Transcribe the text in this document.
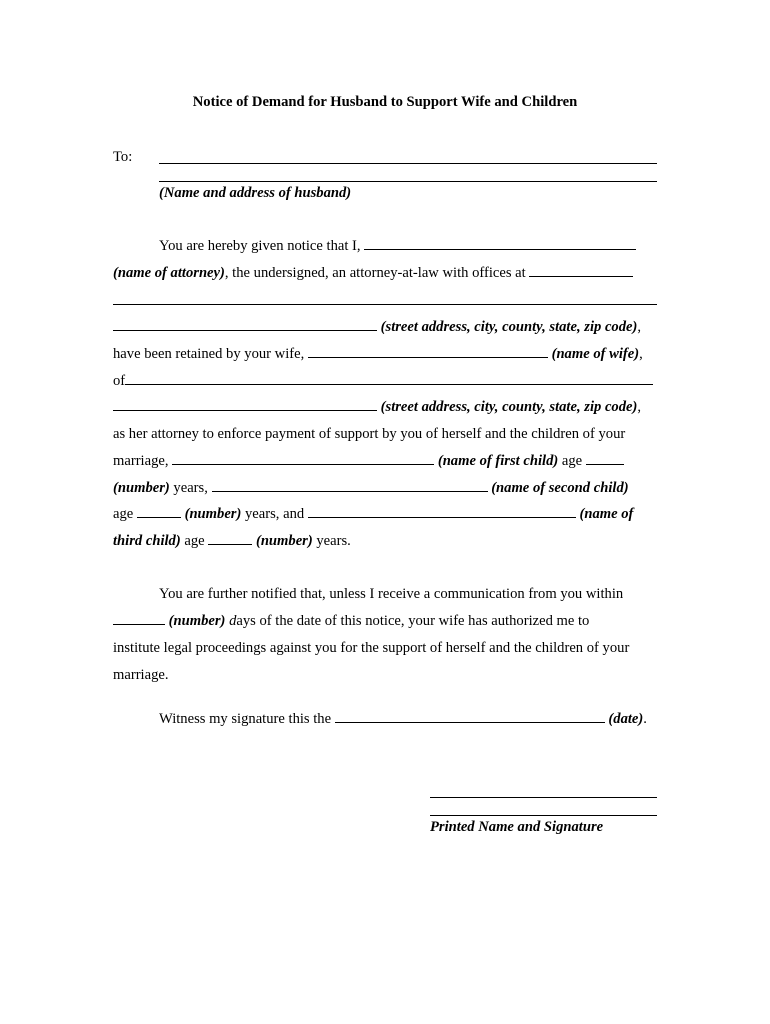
Notice of Demand for Husband to Support Wife and Children
To:
(Name and address of husband)
You are hereby given notice that I,
(name of attorney), the undersigned, an attorney-at-law with offices at
(street address, city, county, state, zip code),
have been retained by your wife,	(name of wife),
of
(street address, city, county, state, zip code),
as her attorney to enforce payment of support by you of herself and the children of your
marriage,	(name of first child) age
(number) years,	(name of second child)
age	(number) years, and	(name of
third child) age	(number) years.
You are further notified that, unless I receive a communication from you within
(number) days of the date of this notice, your wife has authorized me to
institute legal proceedings against you for the support of herself and the children of your
marriage.
Witness my signature this the	(date).
Printed Name and Signature
